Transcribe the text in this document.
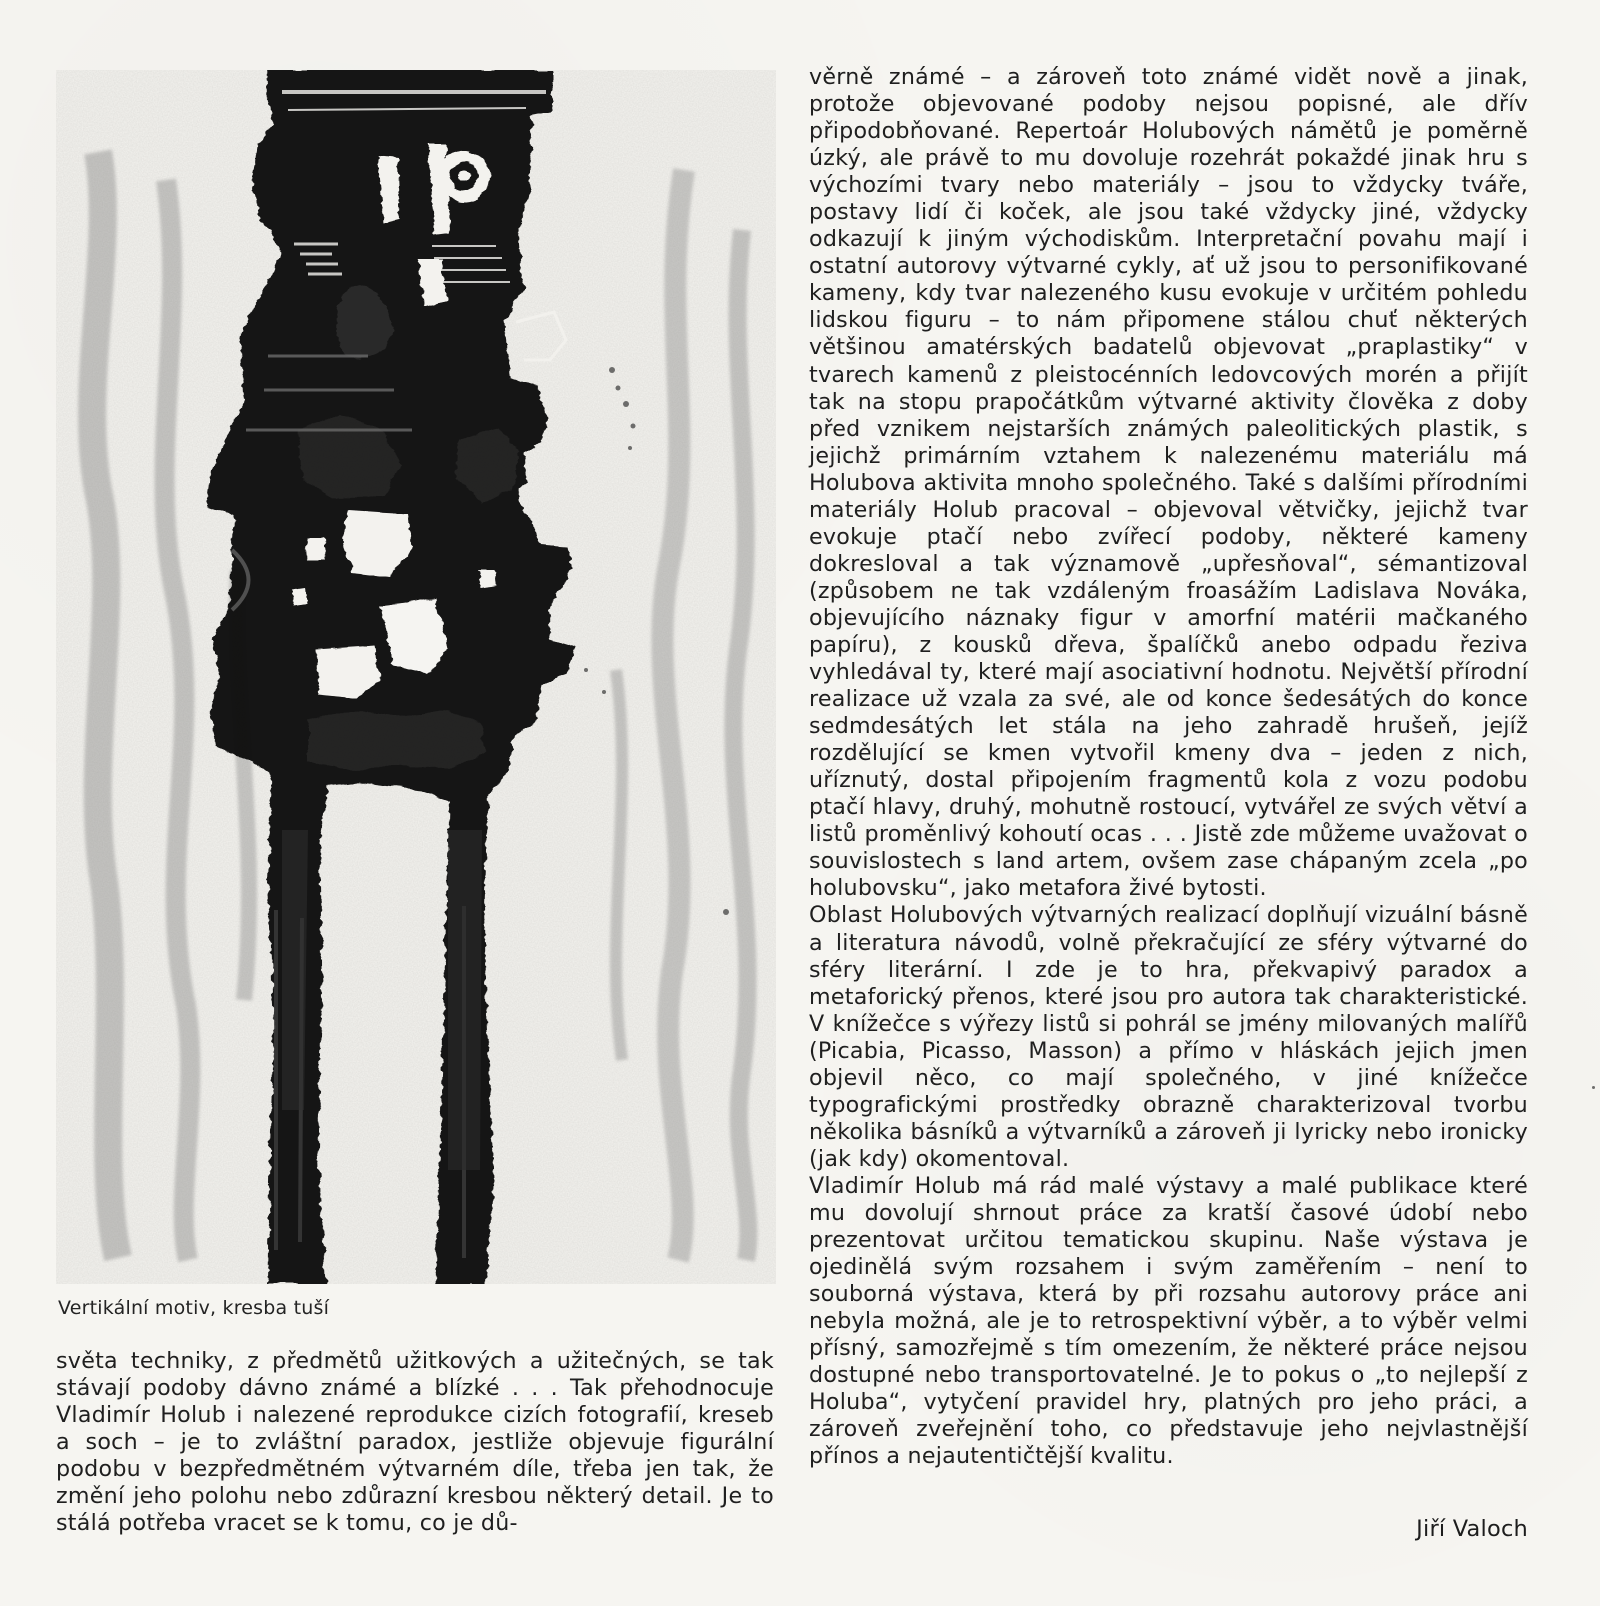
Vertikální motiv, kresba tuší
světa techniky, z předmětů užitkových a užitečných, se tak stávají podoby dávno známé a blízké . . . Tak přehodnocuje Vladimír Holub i nalezené reprodukce cizích fotografií, kreseb a soch – je to zvláštní paradox, jestliže objevuje figurální podobu v bezpředmětném výtvarném díle, třeba jen tak, že změní jeho polohu nebo zdůrazní kresbou některý detail. Je to stálá potřeba vracet se k tomu, co je dů-

věrně známé – a zároveň toto známé vidět nově a jinak, protože objevované podoby nejsou popisné, ale dřív připodobňované. Repertoár Holubových námětů je poměrně úzký, ale právě to mu dovoluje rozehrát pokaždé jinak hru s výchozími tvary nebo materiály – jsou to vždycky tváře, postavy lidí či koček, ale jsou také vždycky jiné, vždycky odkazují k jiným východiskům. Interpretační povahu mají i ostatní autorovy výtvarné cykly, ať už jsou to personifikované kameny, kdy tvar nalezeného kusu evokuje v určitém pohledu lidskou figuru – to nám připomene stálou chuť některých většinou amatérských badatelů objevovat „praplastiky“ v tvarech kamenů z pleistocénních ledovcových morén a přijít tak na stopu prapočátkům výtvarné aktivity člověka z doby před vznikem nejstarších známých paleolitických plastik, s jejichž primárním vztahem k nalezenému materiálu má Holubova aktivita mnoho společného. Také s dalšími přírodními materiály Holub pracoval – objevoval větvičky, jejichž tvar evokuje ptačí nebo zvířecí podoby, některé kameny dokresloval a tak významově „upřesňoval“, sémantizoval (způsobem ne tak vzdáleným froasážím Ladislava Nováka, objevujícího náznaky figur v amorfní matérii mačkaného papíru), z kousků dřeva, špalíčků anebo odpadu řeziva vyhledával ty, které mají asociativní hodnotu. Největší přírodní realizace už vzala za své, ale od konce šedesátých do konce sedmdesátých let stála na jeho zahradě hrušeň, jejíž rozdělující se kmen vytvořil kmeny dva – jeden z nich, uříznutý, dostal připojením fragmentů kola z vozu podobu ptačí hlavy, druhý, mohutně rostoucí, vytvářel ze svých větví a listů proměnlivý kohoutí ocas . . . Jistě zde můžeme uvažovat o souvislostech s land artem, ovšem zase chápaným zcela „po holubovsku“, jako metafora živé bytosti.

Oblast Holubových výtvarných realizací doplňují vizuální básně a literatura návodů, volně překračující ze sféry výtvarné do sféry literární. I zde je to hra, překvapivý paradox a metaforický přenos, které jsou pro autora tak charakteristické. V knížečce s výřezy listů si pohrál se jmény milovaných malířů (Picabia, Picasso, Masson) a přímo v hláskách jejich jmen objevil něco, co mají společného, v jiné knížečce typografickými prostředky obrazně charakterizoval tvorbu několika básníků a výtvarníků a zároveň ji lyricky nebo ironicky (jak kdy) okomentoval.

Vladimír Holub má rád malé výstavy a malé publikace které mu dovolují shrnout práce za kratší časové údobí nebo prezentovat určitou tematickou skupinu. Naše výstava je ojedinělá svým rozsahem i svým zaměřením – není to souborná výstava, která by při rozsahu autorovy práce ani nebyla možná, ale je to retrospektivní výběr, a to výběr velmi přísný, samozřejmě s tím omezením, že některé práce nejsou dostupné nebo transportovatelné. Je to pokus o „to nejlepší z Holuba“, vytyčení pravidel hry, platných pro jeho práci, a zároveň zveřejnění toho, co představuje jeho nejvlastnější přínos a nejautentičtější kvalitu.

Jiří Valoch
